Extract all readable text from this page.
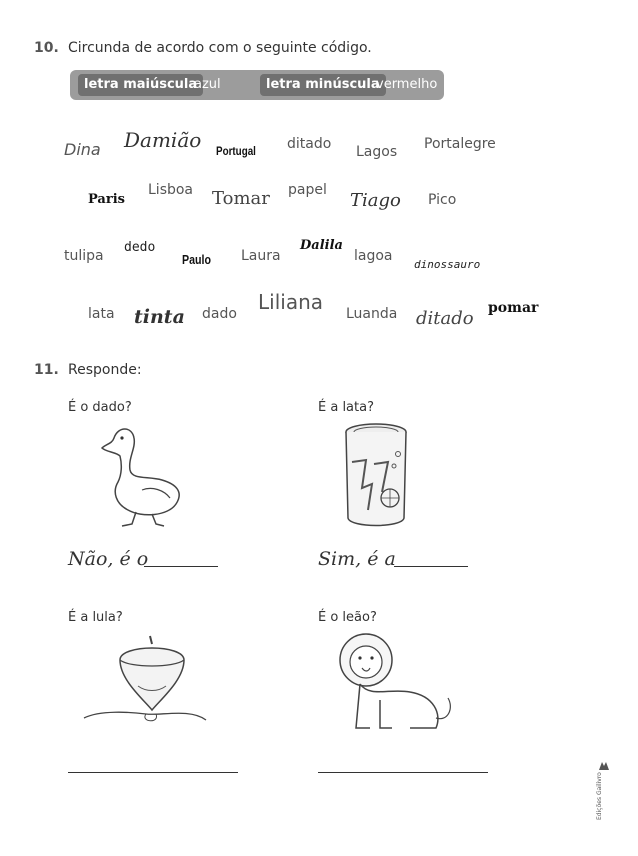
10. Circunda de acordo com o seguinte código.
letra maiúscula
azul	letra minúscula
vermelho
Dina Damião Portugal ditado Lagos Portalegre
Paris
Lisboa Tomar papel Tiago Pico
tulipa
dedo
Paulo Laura
Dalila
lagoa
dinossauro
lata tinta dado Liliana Luanda ditado pomar
11. Responde:
É o dado?
Não, é o
É a lata?
Sim, é a
É a lula?	É o leão?
Edições Gailivro
